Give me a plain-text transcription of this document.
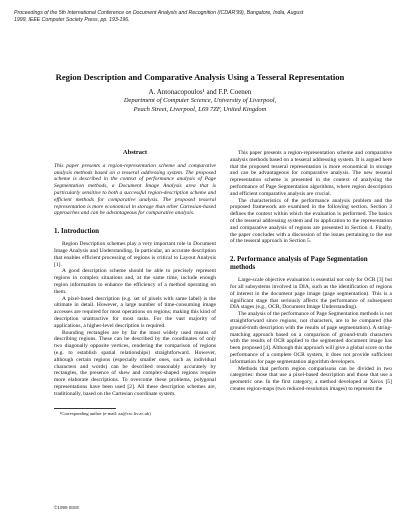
Proceedings of the 5th International Conference on Document Analysis and Recognition (ICDAR'99), Bangalore, India, August
1999, IEEE Computer Society Press, pp. 193-196.
Region Description and Comparative Analysis Using a Tesseral Representation
A. Antonacopoulos¹ and F.P. Coenen
Department of Computer Science, University of Liverpool,
Peach Street, Liverpool, L69 7ZF, United Kingdom
Abstract

This paper presents a region-representation scheme and comparative analysis methods based on a tesseral addressing system. The proposed scheme is described in the context of performance analysis of Page Segmentation methods, a Document Image Analysis area that is particularly sensitive to both a successful region-description scheme and efficient methods for comparative analysis. The proposed tesseral representation is more economical in storage than other Cartesian-based approaches and can be advantageous for comparative analysis.

1. Introduction

Region Description schemes play a very important role in Document Image Analysis and Understanding. In particular, an accurate description that enables efficient processing of regions is critical to Layout Analysis [1].

A good description scheme should be able to precisely represent regions in complex situations and, at the same time, include enough region information to enhance the efficiency of a method operating on them.

A pixel-based description (e.g. set of pixels with same label) is the ultimate in detail. However, a large number of time-consuming image accesses are required for most operations on regions; making this kind of description unattractive for most tasks. For the vast majority of applications, a higher-level description is required.

Bounding rectangles are by far the most widely used means of describing regions. These can be described by the coordinates of only two diagonally opposite vertices, rendering the comparison of regions (e.g. to establish spatial relationships) straightforward. However, although certain regions (especially smaller ones, such as individual characters and words) can be described reasonably accurately by rectangles, the presence of skew and complex-shaped regions require more elaborate descriptions. To overcome these problems, polygonal representations have been used [2]. All these description schemes are, traditionally, based on the Cartesian coordinate system.

¹Corresponding author (e-mail: aa@csc.liv.ac.uk)

This paper presents a region-representation scheme and comparative analysis methods based on a tesseral addressing system. It is argued here that the proposed tesseral representation is more economical in storage and can be advantageous for comparative analysis. The new tesseral representation scheme is presented in the context of analysing the performance of Page Segmentation algorithms, where region description and efficient comparative analysis are crucial.

The characteristics of the performance analysis problem and the proposed framework are examined in the following section. Section 3 defines the context within which the evaluation is performed. The basics of the tesseral addressing system and its application to the representation and comparative analysis of regions are presented in Section 4. Finally, the paper concludes with a discussion of the issues pertaining to the use of the tesseral approach in Section 5.

2. Performance analysis of Page Segmentation methods

Large-scale objective evaluation is essential not only for OCR [3] but for all subsystems involved in DIA, such as the identification of regions of interest in the document page image (page segmentation). This is a significant stage that seriously affects the performance of subsequent DIA stages (e.g., OCR, Document Image Understanding).

The analysis of the performance of Page Segmentation methods is not straightforward since regions, not characters, are to be compared (the ground-truth description with the results of page segmentation). A string-matching approach based on a comparison of ground-truth characters with the results of OCR applied to the segmented document image has been proposed [4]. Although this approach will give a global score on the performance of a complete OCR system, it does not provide sufficient information for page segmentation algorithm developers.

Methods that perform region comparisons can be divided in two categories: those that use a pixel-based description and those that use a geometric one. In the first category, a method developed at Xerox [5] creates region-maps (two reduced-resolution images) to represent the

©1999 IEEE
